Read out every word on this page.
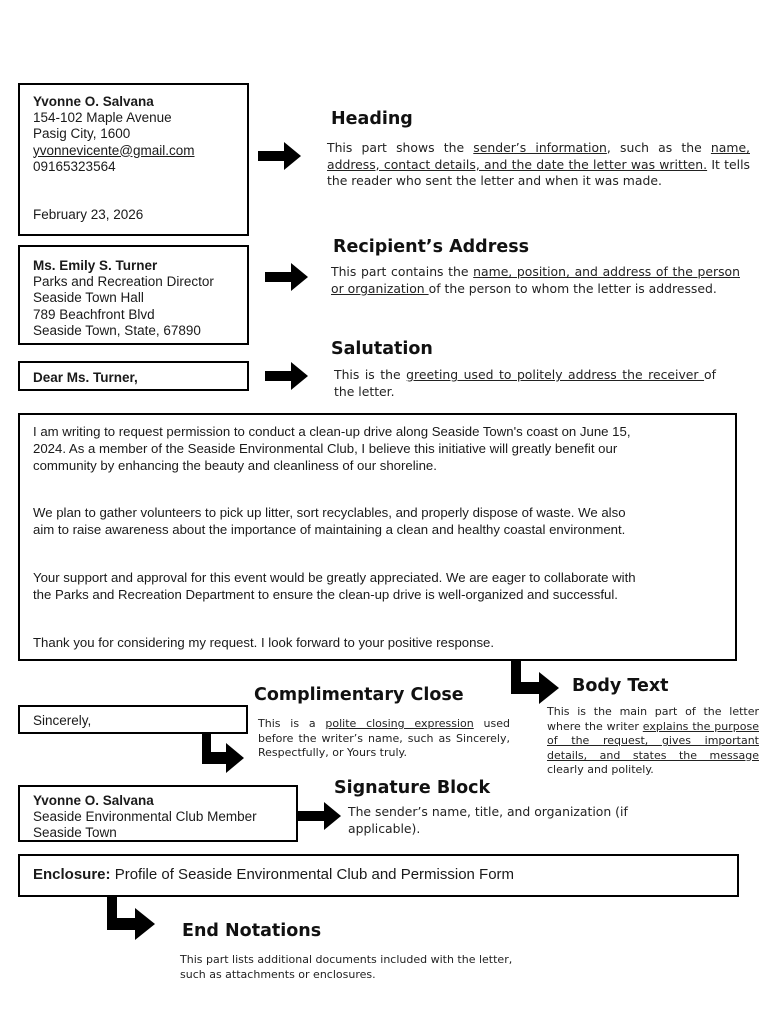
Yvonne O. Salvana
154-102 Maple Avenue
Pasig City, 1600
yvonnevicente@gmail.com
09165323564
February 23, 2026
Ms. Emily S. Turner
Parks and Recreation Director
Seaside Town Hall
789 Beachfront Blvd
Seaside Town, State, 67890
Dear Ms. Turner,
I am writing to request permission to conduct a clean-up drive along Seaside Town's coast on June 15,
2024. As a member of the Seaside Environmental Club, I believe this initiative will greatly benefit our
community by enhancing the beauty and cleanliness of our shoreline.
We plan to gather volunteers to pick up litter, sort recyclables, and properly dispose of waste. We also
aim to raise awareness about the importance of maintaining a clean and healthy coastal environment.
Your support and approval for this event would be greatly appreciated. We are eager to collaborate with
the Parks and Recreation Department to ensure the clean-up drive is well-organized and successful.
Thank you for considering my request. I look forward to your positive response.
Sincerely,
Yvonne O. Salvana
Seaside Environmental Club Member
Seaside Town
Enclosure: Profile of Seaside Environmental Club and Permission Form
Heading
This part shows the sender’s information, such as the name, address, contact details, and the date the letter was written. It tells the reader who sent the letter and when it was made.
Recipient’s Address
This part contains the name, position, and address of the person or organization of the person to whom the letter is addressed.
Salutation
This is the greeting used to politely address the receiver of the letter.
Complimentary Close
This is a polite closing expression used before the writer’s name, such as Sincerely, Respectfully, or Yours truly.
Body Text
This is the main part of the letter where the writer explains the purpose of the request, gives important details, and states the message clearly and politely.
Signature Block
The sender’s name, title, and organization (if applicable).
End Notations
This part lists additional documents included with the letter, such as attachments or enclosures.
